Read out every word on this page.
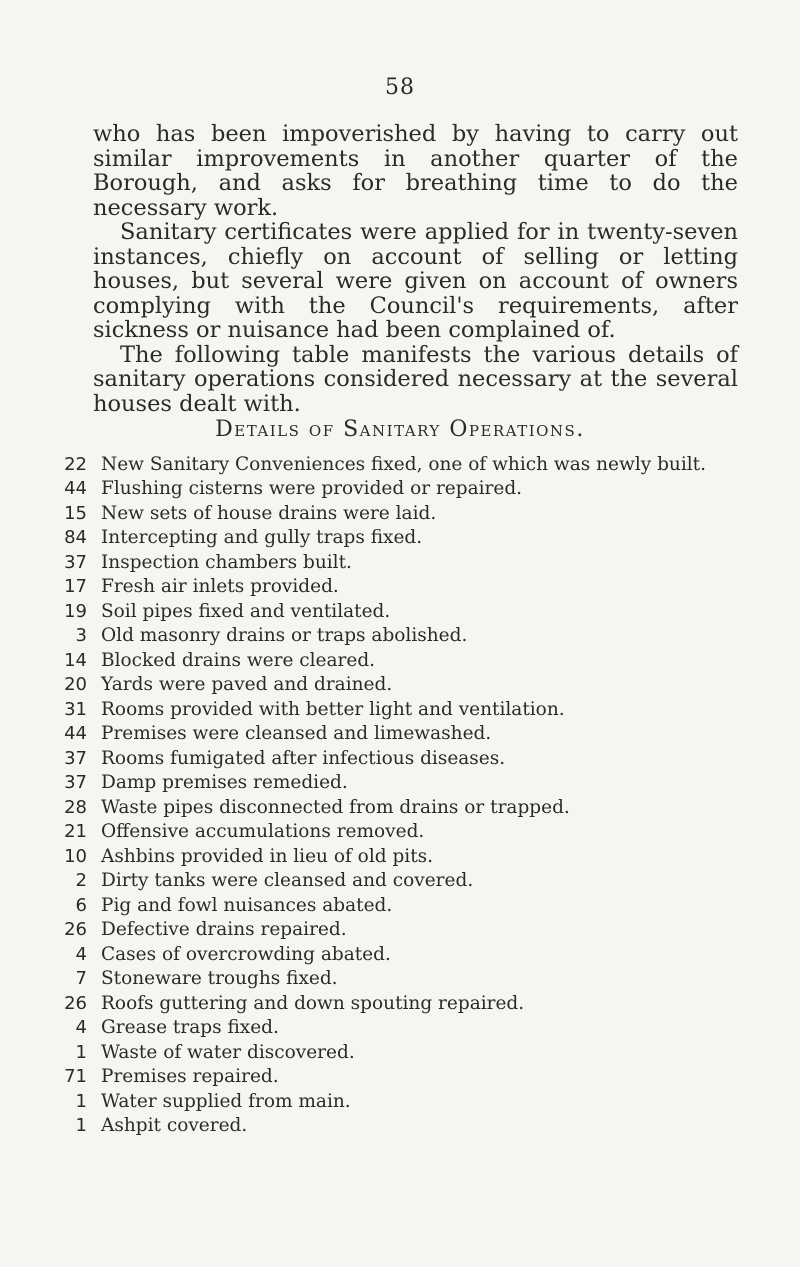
58

who has been impoverished by having to carry out similar improvements in another quarter of the Borough, and asks for breathing time to do the necessary work.

Sanitary certificates were applied for in twenty-seven instances, chiefly on account of selling or letting houses, but several were given on account of owners complying with the Council's requirements, after sickness or nuisance had been complained of.

The following table manifests the various details of sanitary operations considered necessary at the several houses dealt with.

Details of Sanitary Operations.
22 New Sanitary Conveniences fixed, one of which was newly built.
44 Flushing cisterns were provided or repaired.
15 New sets of house drains were laid.
84 Intercepting and gully traps fixed.
37 Inspection chambers built.
17 Fresh air inlets provided.
19 Soil pipes fixed and ventilated.
3 Old masonry drains or traps abolished.
14 Blocked drains were cleared.
20 Yards were paved and drained.
31 Rooms provided with better light and ventilation.
44 Premises were cleansed and limewashed.
37 Rooms fumigated after infectious diseases.
37 Damp premises remedied.
28 Waste pipes disconnected from drains or trapped.
21 Offensive accumulations removed.
10 Ashbins provided in lieu of old pits.
2 Dirty tanks were cleansed and covered.
6 Pig and fowl nuisances abated.
26 Defective drains repaired.
4 Cases of overcrowding abated.
7 Stoneware troughs fixed.
26 Roofs guttering and down spouting repaired.
4 Grease traps fixed.
1 Waste of water discovered.
71 Premises repaired.
1 Water supplied from main.
1 Ashpit covered.
